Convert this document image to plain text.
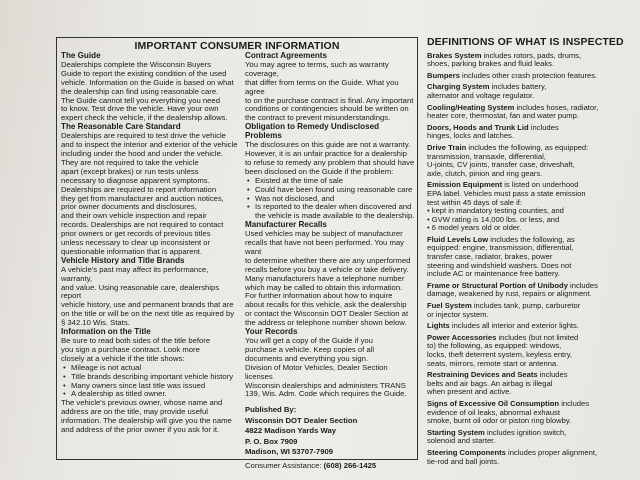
IMPORTANT CONSUMER INFORMATION
The Guide
Dealerships complete the Wisconsin Buyers
Guide to report the existing condition of the used
vehicle. Information on the Guide is based on what
the dealership can find using reasonable care.
The Guide cannot tell you everything you need
to know. Test drive the vehicle. Have your own
expert check the vehicle, if the dealership allows.
The Reasonable Care Standard
Dealerships are required to test drive the vehicle
and to inspect the interior and exterior of the vehicle
including under the hood and under the vehicle.
They are not required to take the vehicle
apart (except brakes) or run tests unless
necessary to diagnose apparent symptoms.
Dealerships are required to report information
they get from manufacturer and auction notices,
prior owner documents and disclosures,
and their own vehicle inspection and repair
records. Dealerships are not required to contact
prior owners or get records of previous titles
unless necessary to clear up inconsistent or
questionable information that is apparent.
Vehicle History and Title Brands
A vehicle's past may affect its performance, warranty,
and value. Using reasonable care, dealerships report
vehicle history, use and permanent brands that are
on the title or will be on the next title as required by
§ 342.10 Wis. Stats.
Information on the Title
Be sure to read both sides of the title before
you sign a purchase contract. Look more
closely at a vehicle if the title shows:
• Mileage is not actual
• Title brands describing important vehicle history
• Many owners since last title was issued
• A dealership as titled owner.
The vehicle's previous owner, whose name and
address are on the title, may provide useful
information. The dealership will give you the name
and address of the prior owner if you ask for it.
Contract Agreements
You may agree to terms, such as warranty coverage,
that differ from terms on the Guide. What you agree
to on the purchase contract is final. Any important
conditions or contingencies should be written on
the contract to prevent misunderstandings.
Obligation to Remedy Undisclosed Problems
The disclosures on this guide are not a warranty.
However, it is an unfair practice for a dealership
to refuse to remedy any problem that should have
been disclosed on the Guide if the problem:
• Existed at the time of sale
• Could have been found using reasonable care
• Was not disclosed, and
• Is reported to the dealer when discovered and
the vehicle is made available to the dealership.
Manufacturer Recalls
Used vehicles may be subject of manufacturer
recalls that have not been performed. You may want
to determine whether there are any unperformed
recalls before you buy a vehicle or take delivery.
Many manufacturers have a telephone number
which may be called to obtain this information.
For further information about how to inquire
about recalls for this vehicle, ask the dealership
or contact the Wisconsin DOT Dealer Section at
the address or telephone number shown below.
Your Records
You will get a copy of the Guide if you
purchase a vehicle. Keep copies of all
documents and everything you sign.
Division of Motor Vehicles, Dealer Section licenses
Wisconsin dealerships and administers TRANS
139, Wis. Adm. Code which requires the Guide.
Published By:
Wisconsin DOT Dealer Section
4822 Madison Yards Way
P. O. Box 7909
Madison, WI 53707-7909
Consumer Assistance: (608) 266-1425
DEFINITIONS OF WHAT IS INSPECTED
Brakes System includes rotors, pads, drums,
shoes, parking brakes and fluid leaks.
Bumpers includes other crash protection features.
Charging System includes battery,
alternator and voltage regulator.
Cooling/Heating System includes hoses, radiator,
heater core, thermostat, fan and water pump.
Doors, Hoods and Trunk Lid includes
hinges, locks and latches.
Drive Train includes the following, as equipped:
transmission, transaxle, differential,
U-joints, CV joints, transfer case, driveshaft,
axle, clutch, pinion and ring gears.
Emission Equipment is listed on underhood
EPA label. Vehicles must pass a state emission
test within 45 days of sale if:
• kept in mandatory testing counties, and
• GVW rating is 14,000 lbs. or less, and
• 6 model years old or older.
Fluid Levels Low includes the following, as
equipped: engine, transmission, differential,
transfer case, radiator, brakes, power
steering and windshield washers. Does not
include AC or maintenance free battery.
Frame or Structural Portion of Unibody includes
damage, weakened by rust, repairs or alignment.
Fuel System includes tank, pump, carburetor
or injector system.
Lights includes all interior and exterior lights.
Power Accessories includes (but not limited
to) the following, as equipped: windows,
locks, theft deterrent system, keyless entry,
seats, mirrors, remote start or antenna.
Restraining Devices and Seats includes
belts and air bags. An airbag is illegal
when present and active.
Signs of Excessive Oil Consumption includes
evidence of oil leaks, abnormal exhaust
smoke, burnt oil odor or piston ring blowby.
Starting System includes ignition switch,
solenoid and starter.
Steering Components includes proper alignment,
tie-rod and ball joints.
